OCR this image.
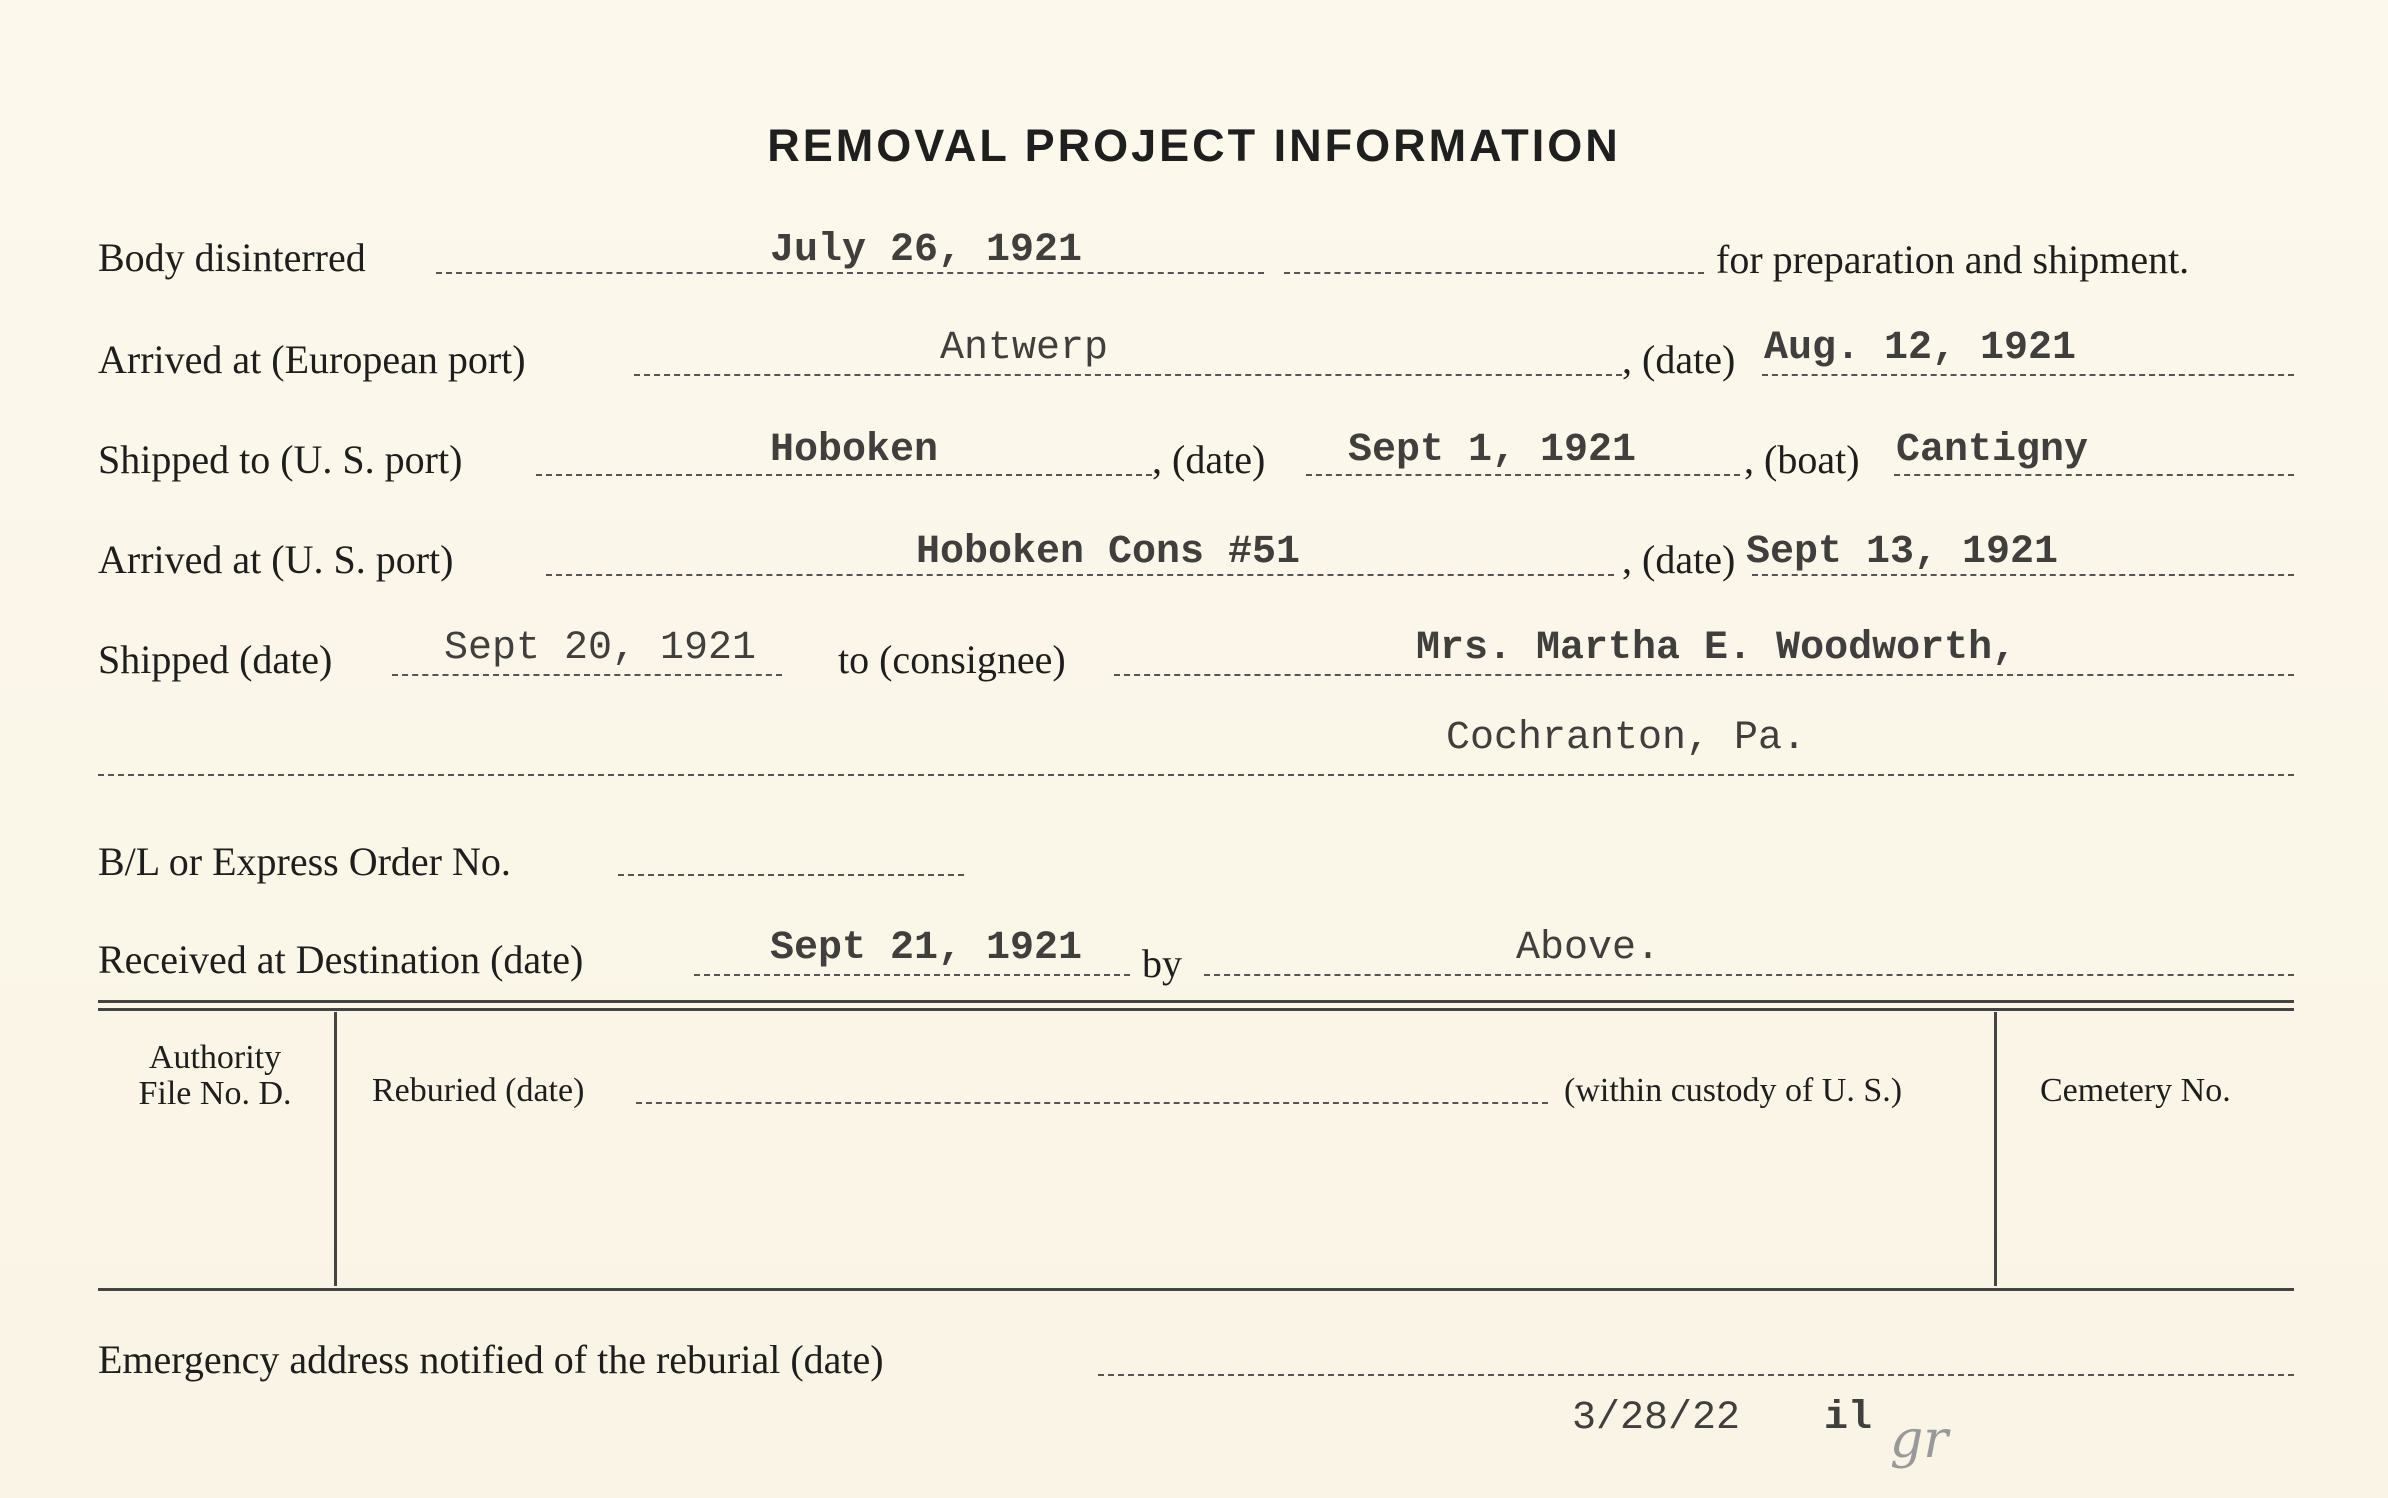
REMOVAL PROJECT INFORMATION
Body disinterred	July 26, 1921	for preparation and shipment.
Arrived at (European port)	Antwerp	, (date) Aug. 12, 1921
Shipped to (U. S. port)	Hoboken	, (date) Sept 1, 1921	, (boat) Cantigny
Arrived at (U. S. port)	Hoboken Cons #51	, (date) Sept 13, 1921
Shipped (date)	Sept 20, 1921 to (consignee)	Mrs. Martha E. Woodworth,
Cochranton, Pa.
B/L or Express Order No.
Received at Destination (date)	Sept 21, 1921 by	Above.
Authority
File No. D.	Reburied (date)	(within custody of U. S.)	Cemetery No.
Emergency address notified of the reburial (date)
3/28/22 il gr
